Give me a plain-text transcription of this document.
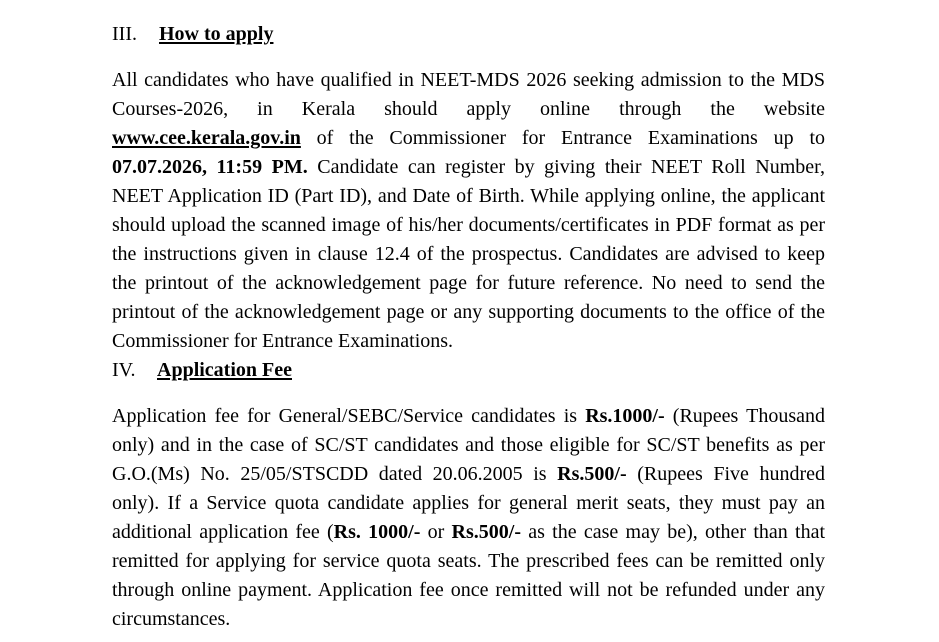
III. How to apply

All candidates who have qualified in NEET-MDS 2026 seeking admission to the MDS Courses-2026, in Kerala should apply online through the website www.cee.kerala.gov.in of the Commissioner for Entrance Examinations up to 07.07.2026, 11:59 PM. Candidate can register by giving their NEET Roll Number, NEET Application ID (Part ID), and Date of Birth. While applying online, the applicant should upload the scanned image of his/her documents/certificates in PDF format as per the instructions given in clause 12.4 of the prospectus. Candidates are advised to keep the printout of the acknowledgement page for future reference. No need to send the printout of the acknowledgement page or any supporting documents to the office of the Commissioner for Entrance Examinations.

IV. Application Fee

Application fee for General/SEBC/Service candidates is Rs.1000/- (Rupees Thousand only) and in the case of SC/ST candidates and those eligible for SC/ST benefits as per G.O.(Ms) No. 25/05/STSCDD dated 20.06.2005 is Rs.500/- (Rupees Five hundred only). If a Service quota candidate applies for general merit seats, they must pay an additional application fee (Rs. 1000/- or Rs.500/- as the case may be), other than that remitted for applying for service quota seats. The prescribed fees can be remitted only through online payment. Application fee once remitted will not be refunded under any circumstances.
